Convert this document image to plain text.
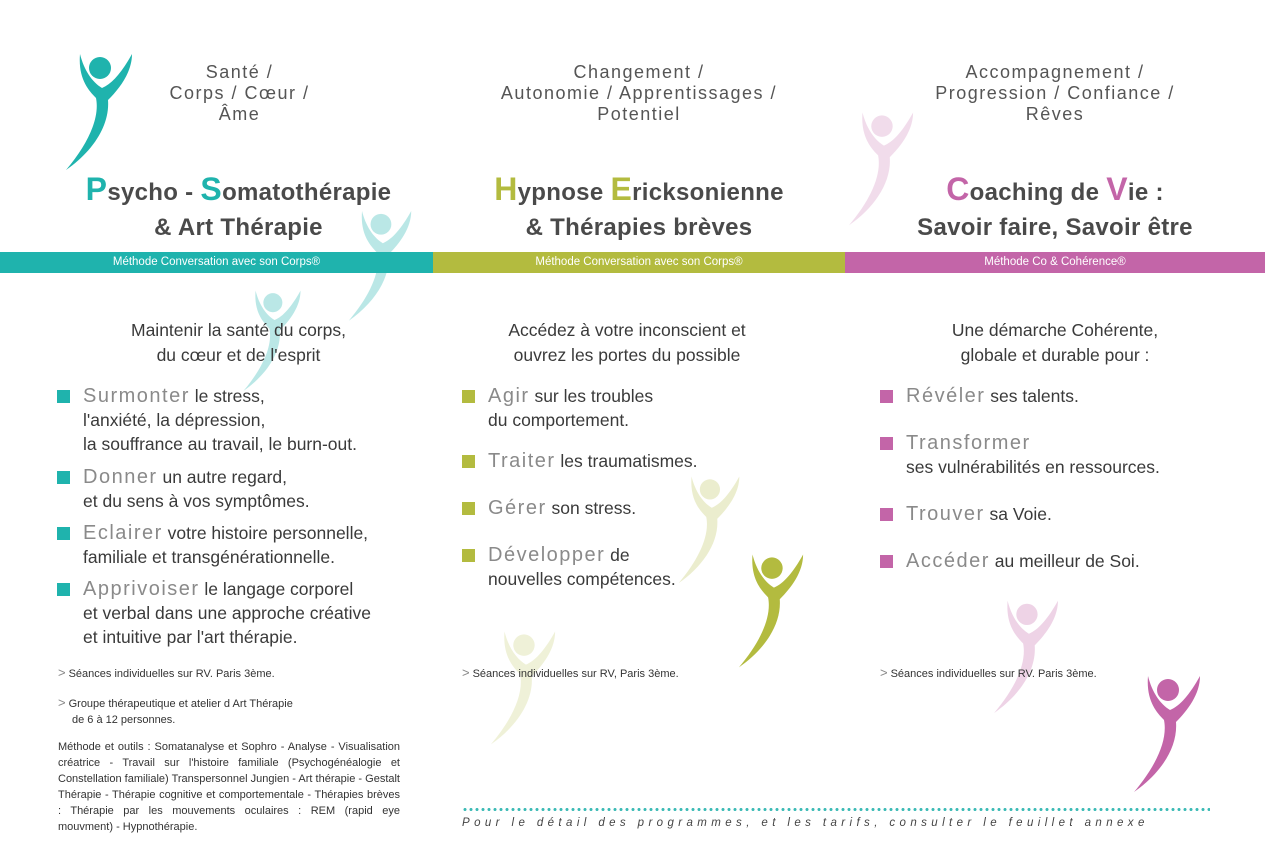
Santé /
Corps / Cœur /
Âme
Psycho - Somatothérapie
& Art Thérapie
Méthode Conversation avec son Corps®
Maintenir la santé du corps,
du cœur et de l'esprit
Surmonter le stress,
l'anxiété, la dépression,
la souffrance au travail, le burn-out.
Donner un autre regard,
et du sens à vos symptômes.
Eclairer votre histoire personnelle,
familiale et transgénérationnelle.
Apprivoiser le langage corporel
et verbal dans une approche créative
et intuitive par l'art thérapie.
> Séances individuelles sur RV. Paris 3ème.
> Groupe thérapeutique et atelier d Art Thérapie
de 6 à 12 personnes.
Méthode et outils : Somatanalyse et Sophro - Analyse - Visualisation créatrice - Travail sur l'histoire familiale (Psychogénéalogie et Constellation familiale) Transpersonnel Jungien - Art thérapie - Gestalt Thérapie - Thérapie cognitive et comportementale - Thérapies brèves : Thérapie par les mouvements oculaires : REM (rapid eye mouvment) - Hypnothérapie.
Changement /
Autonomie / Apprentissages /
Potentiel
Hypnose Ericksonienne
& Thérapies brèves
Méthode Conversation avec son Corps®
Accédez à votre inconscient et
ouvrez les portes du possible
Agir sur les troubles
du comportement.
Traiter les traumatismes.
Gérer son stress.
Développer de
nouvelles compétences.
> Séances individuelles sur RV, Paris 3ème.
Accompagnement /
Progression / Confiance /
Rêves
Coaching de Vie :
Savoir faire, Savoir être
Méthode Co & Cohérence®
Une démarche Cohérente,
globale et durable pour :
Révéler ses talents.
Transformer
ses vulnérabilités en ressources.
Trouver sa Voie.
Accéder au meilleur de Soi.
> Séances individuelles sur RV. Paris 3ème.
Pour le détail des programmes, et les tarifs, consulter le feuillet annexe
